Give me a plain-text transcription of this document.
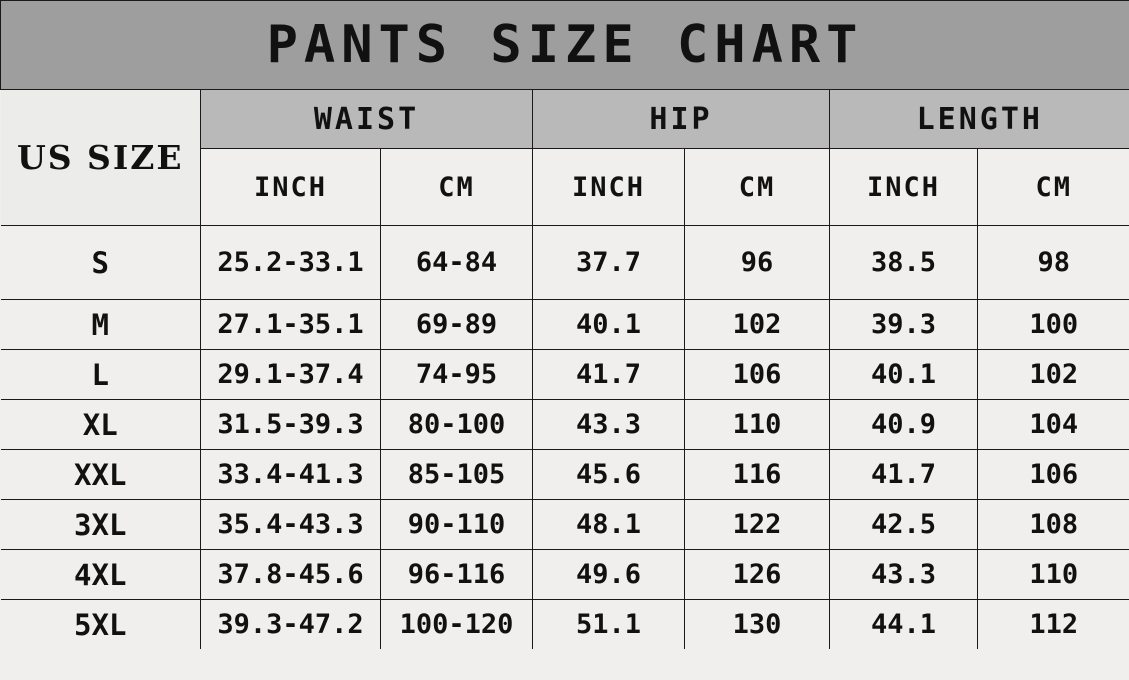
PANTS SIZE CHART						
US SIZE	WAIST		HIP		LENGTH	
	INCH	CM	INCH	CM	INCH	CM
S	25.2-33.1	64-84	37.7	96	38.5	98
M	27.1-35.1	69-89	40.1	102	39.3	100
L	29.1-37.4	74-95	41.7	106	40.1	102
XL	31.5-39.3	80-100	43.3	110	40.9	104
XXL	33.4-41.3	85-105	45.6	116	41.7	106
3XL	35.4-43.3	90-110	48.1	122	42.5	108
4XL	37.8-45.6	96-116	49.6	126	43.3	110
5XL	39.3-47.2	100-120	51.1	130	44.1	112
